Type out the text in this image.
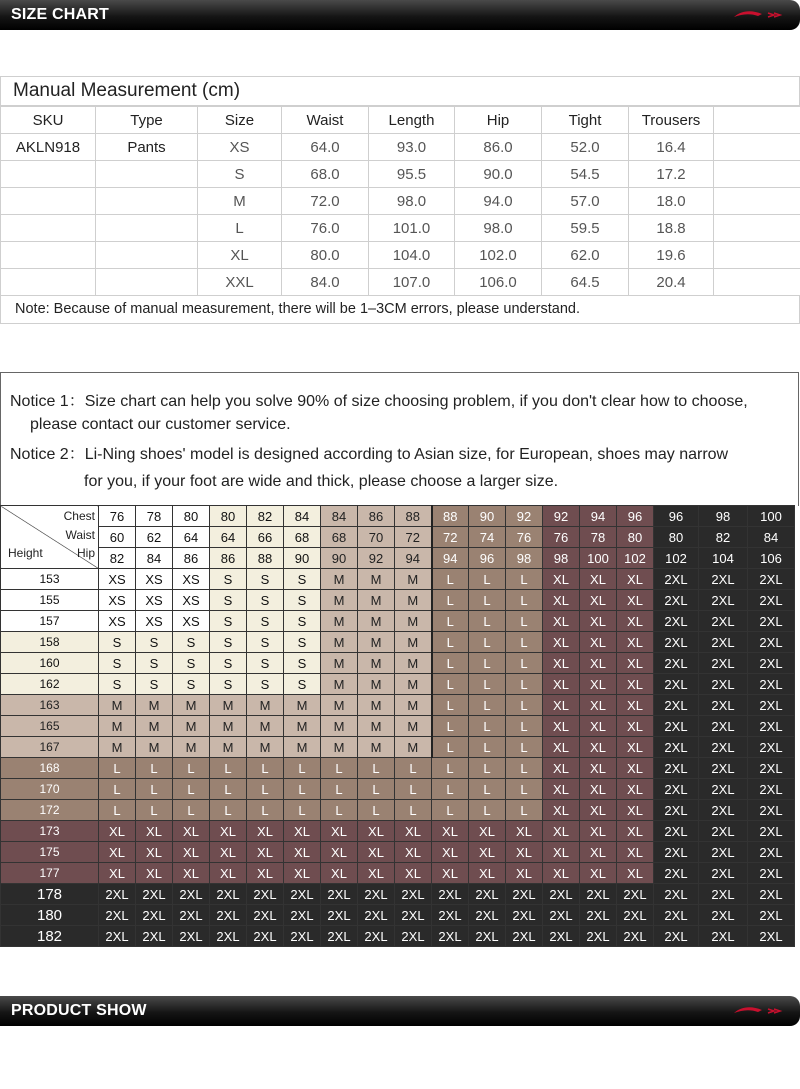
SIZE CHART
Manual Measurement (cm)
SKU	Type	Size	Waist	Length	Hip	Tight	Trousers	
AKLN918	Pants	XS	64.0	93.0	86.0	52.0	16.4	
		S	68.0	95.5	90.0	54.5	17.2	
		M	72.0	98.0	94.0	57.0	18.0	
		L	76.0	101.0	98.0	59.5	18.8	
		XL	80.0	104.0	102.0	62.0	19.6	
		XXL	84.0	107.0	106.0	64.5	20.4	
Note: Because of manual measurement, there will be 1–3CM errors, please understand.
Notice 1：Size chart can help you solve 90% of size choosing problem, if you don't clear how to choose,
please contact our customer service.
Notice 2：Li-Ning shoes' model is designed according to Asian size, for European, shoes may narrow
for you, if your foot are wide and thick, please choose a larger size.
Chest
Waist
Hip
Height	76	78	80	80	82	84	84	86	88	88	90	92	92	94	96	96	98	100
	60	62	64	64	66	68	68	70	72	72	74	76	76	78	80	80	82	84
	82	84	86	86	88	90	90	92	94	94	96	98	98	100	102	102	104	106
153	XS	XS	XS	S	S	S	M	M	M	L	L	L	XL	XL	XL	2XL	2XL	2XL
155	XS	XS	XS	S	S	S	M	M	M	L	L	L	XL	XL	XL	2XL	2XL	2XL
157	XS	XS	XS	S	S	S	M	M	M	L	L	L	XL	XL	XL	2XL	2XL	2XL
158	S	S	S	S	S	S	M	M	M	L	L	L	XL	XL	XL	2XL	2XL	2XL
160	S	S	S	S	S	S	M	M	M	L	L	L	XL	XL	XL	2XL	2XL	2XL
162	S	S	S	S	S	S	M	M	M	L	L	L	XL	XL	XL	2XL	2XL	2XL
163	M	M	M	M	M	M	M	M	M	L	L	L	XL	XL	XL	2XL	2XL	2XL
165	M	M	M	M	M	M	M	M	M	L	L	L	XL	XL	XL	2XL	2XL	2XL
167	M	M	M	M	M	M	M	M	M	L	L	L	XL	XL	XL	2XL	2XL	2XL
168	L	L	L	L	L	L	L	L	L	L	L	L	XL	XL	XL	2XL	2XL	2XL
170	L	L	L	L	L	L	L	L	L	L	L	L	XL	XL	XL	2XL	2XL	2XL
172	L	L	L	L	L	L	L	L	L	L	L	L	XL	XL	XL	2XL	2XL	2XL
173	XL	XL	XL	XL	XL	XL	XL	XL	XL	XL	XL	XL	XL	XL	XL	2XL	2XL	2XL
175	XL	XL	XL	XL	XL	XL	XL	XL	XL	XL	XL	XL	XL	XL	XL	2XL	2XL	2XL
177	XL	XL	XL	XL	XL	XL	XL	XL	XL	XL	XL	XL	XL	XL	XL	2XL	2XL	2XL
178	2XL	2XL	2XL	2XL	2XL	2XL	2XL	2XL	2XL	2XL	2XL	2XL	2XL	2XL	2XL	2XL	2XL	2XL
180	2XL	2XL	2XL	2XL	2XL	2XL	2XL	2XL	2XL	2XL	2XL	2XL	2XL	2XL	2XL	2XL	2XL	2XL
182	2XL	2XL	2XL	2XL	2XL	2XL	2XL	2XL	2XL	2XL	2XL	2XL	2XL	2XL	2XL	2XL	2XL	2XL
PRODUCT SHOW
